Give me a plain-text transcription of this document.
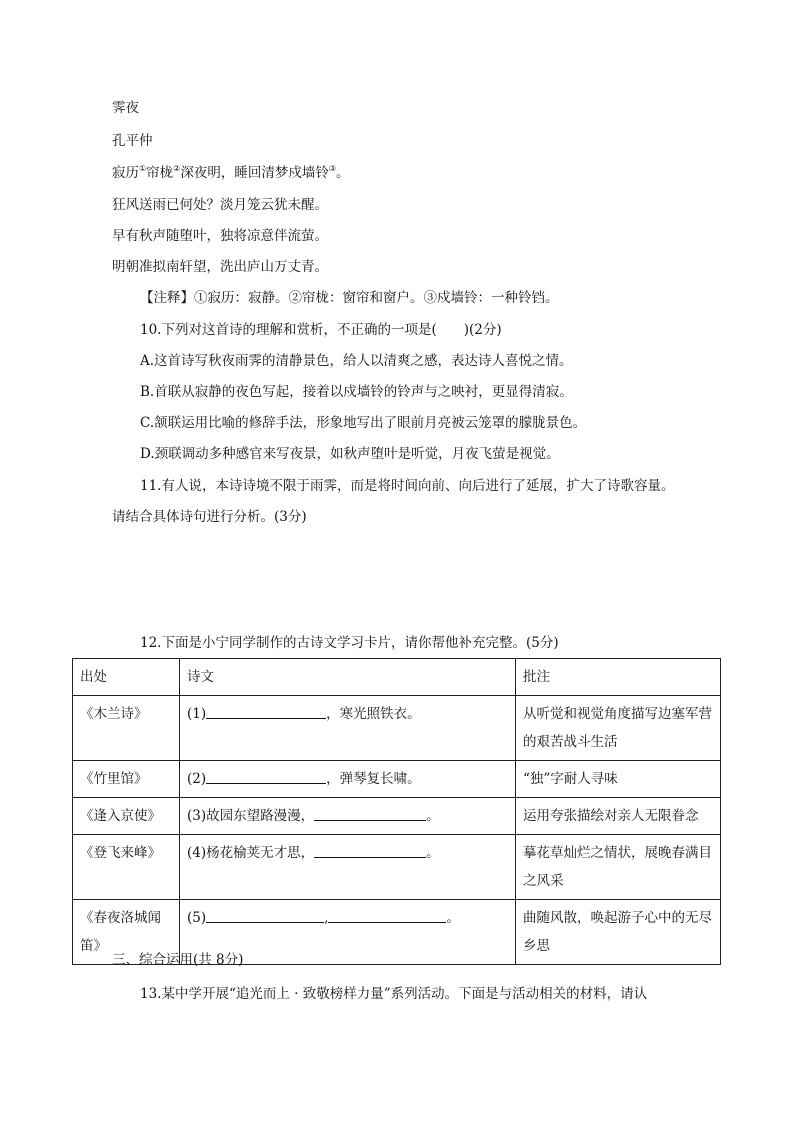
霁夜
孔平仲
寂历①帘栊②深夜明，睡回清梦戍墙铃③。
狂风送雨已何处？淡月笼云犹未醒。
早有秋声随堕叶，独将凉意伴流萤。
明朝准拟南轩望，洗出庐山万丈青。
【注释】①寂历：寂静。②帘栊：窗帘和窗户。③戍墙铃：一种铃铛。
10.下列对这首诗的理解和赏析，不正确的一项是(　　)(2分)
A.这首诗写秋夜雨霁的清静景色，给人以清爽之感，表达诗人喜悦之情。
B.首联从寂静的夜色写起，接着以戍墙铃的铃声与之映衬，更显得清寂。
C.颔联运用比喻的修辞手法，形象地写出了眼前月亮被云笼罩的朦胧景色。
D.颈联调动多种感官来写夜景，如秋声堕叶是听觉，月夜飞萤是视觉。
11.有人说，本诗诗境不限于雨霁，而是将时间向前、向后进行了延展，扩大了诗歌容量。
请结合具体诗句进行分析。(3分)
12.下面是小宁同学制作的古诗文学习卡片，请你帮他补充完整。(5分)
出处	诗文	批注
《木兰诗》	(1) ，寒光照铁衣。	从听觉和视觉角度描写边塞军营的艰苦战斗生活
《竹里馆》	(2) ，弹琴复长啸。	“独”字耐人寻味
《逢入京使》	(3)故园东望路漫漫， 。	运用夸张描绘对亲人无限眷念
《登飞来峰》	(4)杨花榆荚无才思， 。	摹花草灿烂之情状，展晚春满目之风采
《春夜洛城闻笛》	(5) , 。	曲随风散，唤起游子心中的无尽乡思
三、综合运用(共 8分)
13.某中学开展“追光而上 · 致敬榜样力量”系列活动。下面是与活动相关的材料，请认
